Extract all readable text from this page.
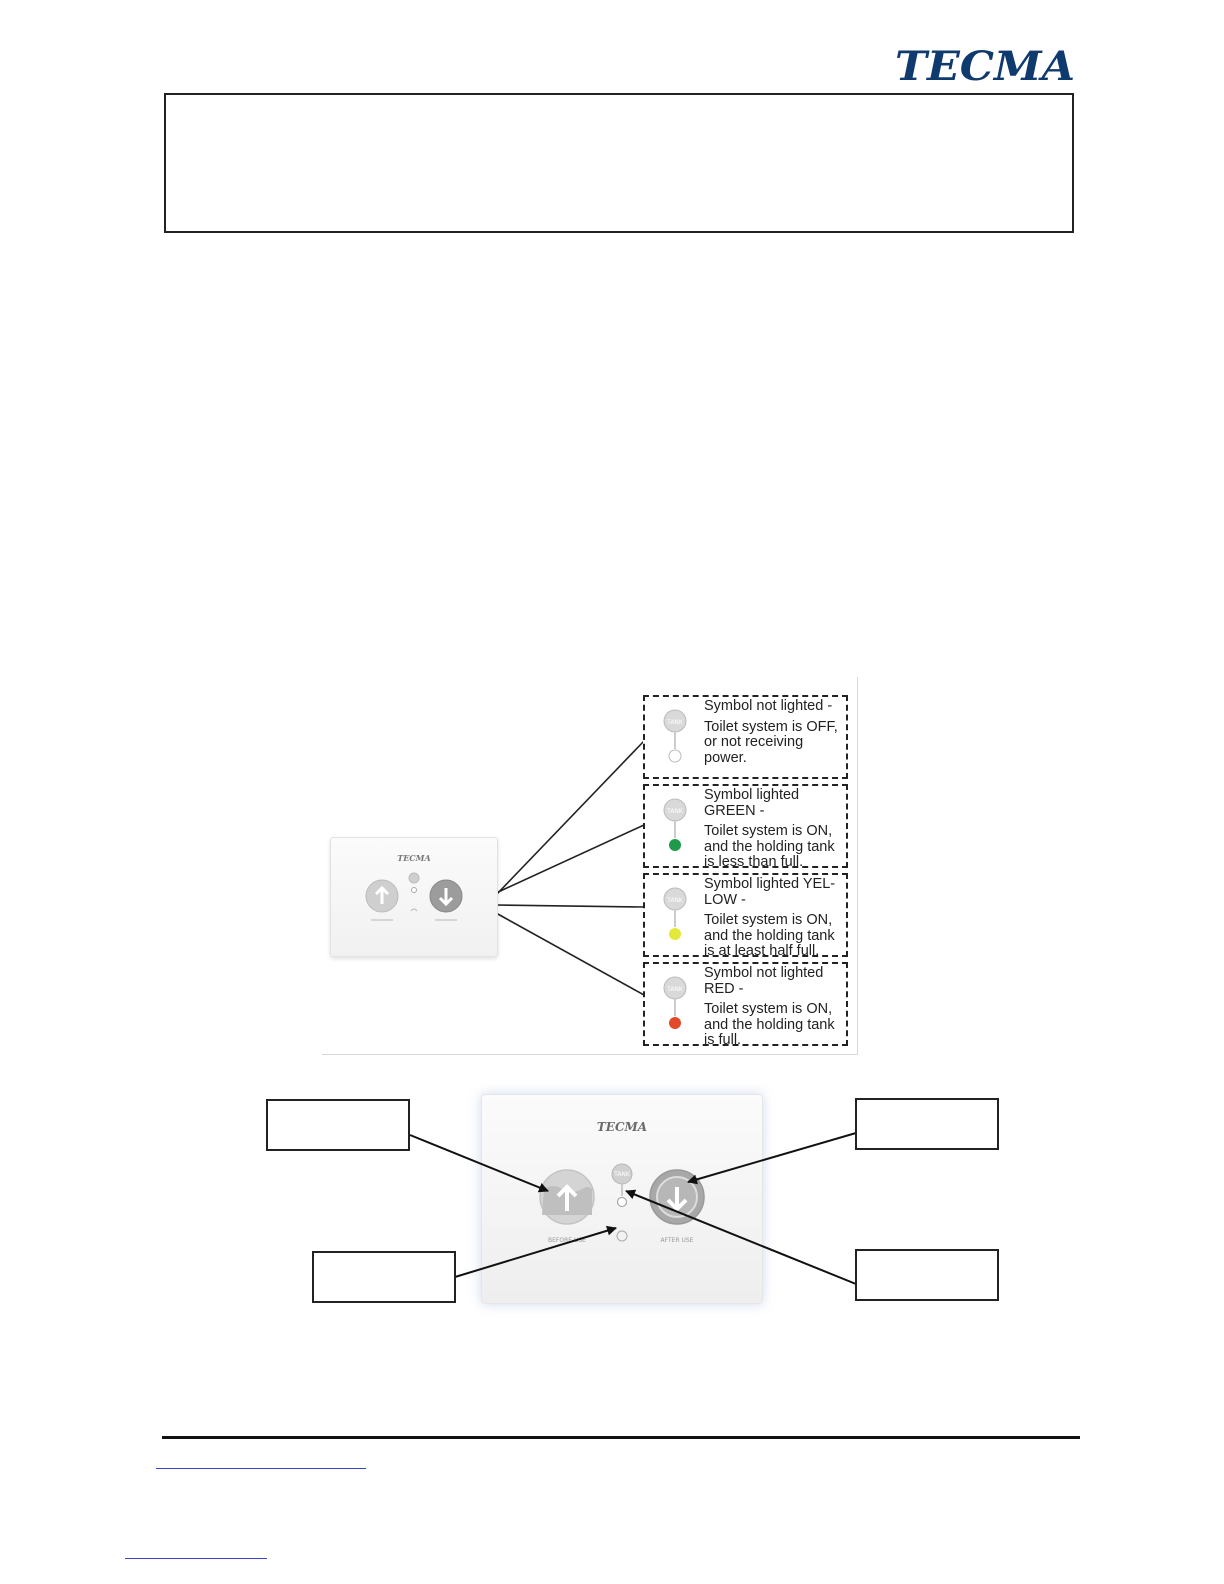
TECMA
TECMA
TANK
Symbol not lighted -
Toilet system is OFF, or not receiving power.
TANK
Symbol lighted GREEN -
Toilet system is ON, and the holding tank is less than full.
TANK
Symbol lighted YEL-LOW -
Toilet system is ON, and the holding tank is at least half full.
TANK
Symbol not lighted RED -
Toilet system is ON, and the holding tank is full.
TECMA
BEFORE USE
TANK
AFTER USE
